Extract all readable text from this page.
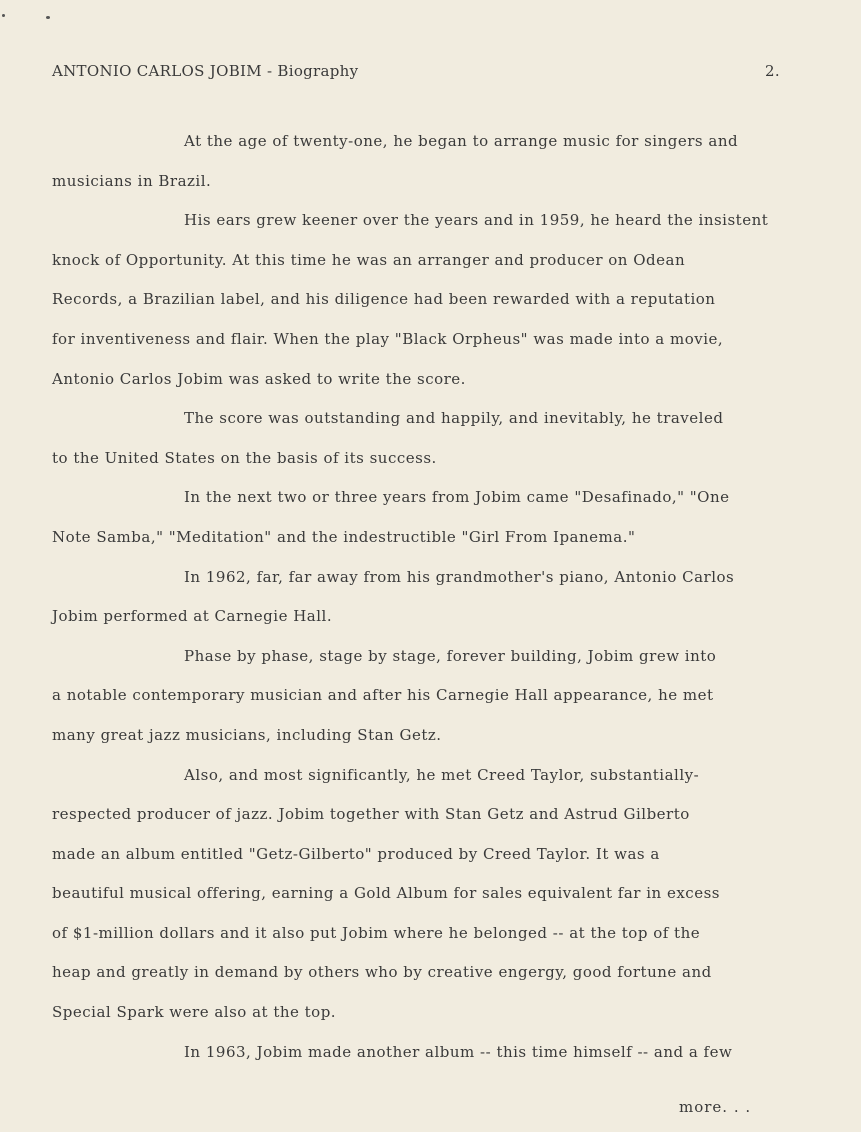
ANTONIO CARLOS JOBIM - Biography	2.

At the age of twenty-one, he began to arrange music for singers and

musicians in Brazil.

His ears grew keener over the years and in 1959, he heard the insistent

knock of Opportunity. At this time he was an arranger and producer on Odean

Records, a Brazilian label, and his diligence had been rewarded with a reputation

for inventiveness and flair. When the play "Black Orpheus" was made into a movie,

Antonio Carlos Jobim was asked to write the score.

The score was outstanding and happily, and inevitably, he traveled

to the United States on the basis of its success.

In the next two or three years from Jobim came "Desafinado," "One

Note Samba," "Meditation" and the indestructible "Girl From Ipanema."

In 1962, far, far away from his grandmother's piano, Antonio Carlos

Jobim performed at Carnegie Hall.

Phase by phase, stage by stage, forever building, Jobim grew into

a notable contemporary musician and after his Carnegie Hall appearance, he met

many great jazz musicians, including Stan Getz.

Also, and most significantly, he met Creed Taylor, substantially-

respected producer of jazz. Jobim together with Stan Getz and Astrud Gilberto

made an album entitled "Getz-Gilberto" produced by Creed Taylor. It was a

beautiful musical offering, earning a Gold Album for sales equivalent far in excess

of $1-million dollars and it also put Jobim where he belonged -- at the top of the

heap and greatly in demand by others who by creative engergy, good fortune and

Special Spark were also at the top.

In 1963, Jobim made another album -- this time himself -- and a few

more. . .
